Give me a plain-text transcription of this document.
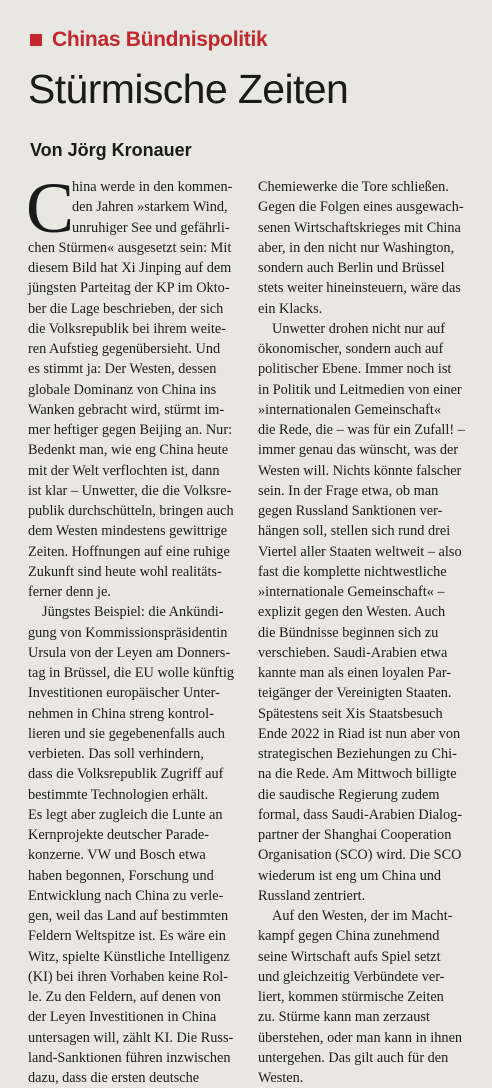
Chinas Bündnispolitik
Stürmische Zeiten
Von Jörg Kronauer
C
hina werde in den kommen-
den Jahren »starkem Wind,
unruhiger See und gefährli-
chen Stürmen« ausgesetzt sein: Mit
diesem Bild hat Xi Jinping auf dem
jüngsten Parteitag der KP im Okto-
ber die Lage beschrieben, der sich
die Volksrepublik bei ihrem weite-
ren Aufstieg gegenübersieht. Und
es stimmt ja: Der Westen, dessen
globale Dominanz von China ins
Wanken gebracht wird, stürmt im-
mer heftiger gegen Beijing an. Nur:
Bedenkt man, wie eng China heute
mit der Welt verflochten ist, dann
ist klar – Unwetter, die die Volksre-
publik durchschütteln, bringen auch
dem Westen mindestens gewittrige
Zeiten. Hoffnungen auf eine ruhige
Zukunft sind heute wohl realitäts-
ferner denn je.
Jüngstes Beispiel: die Ankündi-
gung von Kommissionspräsidentin
Ursula von der Leyen am Donners-
tag in Brüssel, die EU wolle künftig
Investitionen europäischer Unter-
nehmen in China streng kontrol-
lieren und sie gegebenenfalls auch
verbieten. Das soll verhindern,
dass die Volksrepublik Zugriff auf
bestimmte Technologien erhält.
Es legt aber zugleich die Lunte an
Kernprojekte deutscher Parade-
konzerne. VW und Bosch etwa
haben begonnen, Forschung und
Entwicklung nach China zu verle-
gen, weil das Land auf bestimmten
Feldern Weltspitze ist. Es wäre ein
Witz, spielte Künstliche Intelligenz
(KI) bei ihren Vorhaben keine Rol-
le. Zu den Feldern, auf denen von
der Leyen Investitionen in China
untersagen will, zählt KI. Die Russ-
land-Sanktionen führen inzwischen
dazu, dass die ersten deutsche
Chemiewerke die Tore schließen.
Gegen die Folgen eines ausgewach-
senen Wirtschaftskrieges mit China
aber, in den nicht nur Washington,
sondern auch Berlin und Brüssel
stets weiter hineinsteuern, wäre das
ein Klacks.
Unwetter drohen nicht nur auf
ökonomischer, sondern auch auf
politischer Ebene. Immer noch ist
in Politik und Leitmedien von einer
»internationalen Gemeinschaft«
die Rede, die – was für ein Zufall! –
immer genau das wünscht, was der
Westen will. Nichts könnte falscher
sein. In der Frage etwa, ob man
gegen Russland Sanktionen ver-
hängen soll, stellen sich rund drei
Viertel aller Staaten weltweit – also
fast die komplette nichtwestliche
»internationale Gemeinschaft« –
explizit gegen den Westen. Auch
die Bündnisse beginnen sich zu
verschieben. Saudi-Arabien etwa
kannte man als einen loyalen Par-
teigänger der Vereinigten Staaten.
Spätestens seit Xis Staatsbesuch
Ende 2022 in Riad ist nun aber von
strategischen Beziehungen zu Chi-
na die Rede. Am Mittwoch billigte
die saudische Regierung zudem
formal, dass Saudi-Arabien Dialog-
partner der Shanghai Cooperation
Organisation (SCO) wird. Die SCO
wiederum ist eng um China und
Russland zentriert.
Auf den Westen, der im Macht-
kampf gegen China zunehmend
seine Wirtschaft aufs Spiel setzt
und gleichzeitig Verbündete ver-
liert, kommen stürmische Zeiten
zu. Stürme kann man zerzaust
überstehen, oder man kann in ihnen
untergehen. Das gilt auch für den
Westen.
